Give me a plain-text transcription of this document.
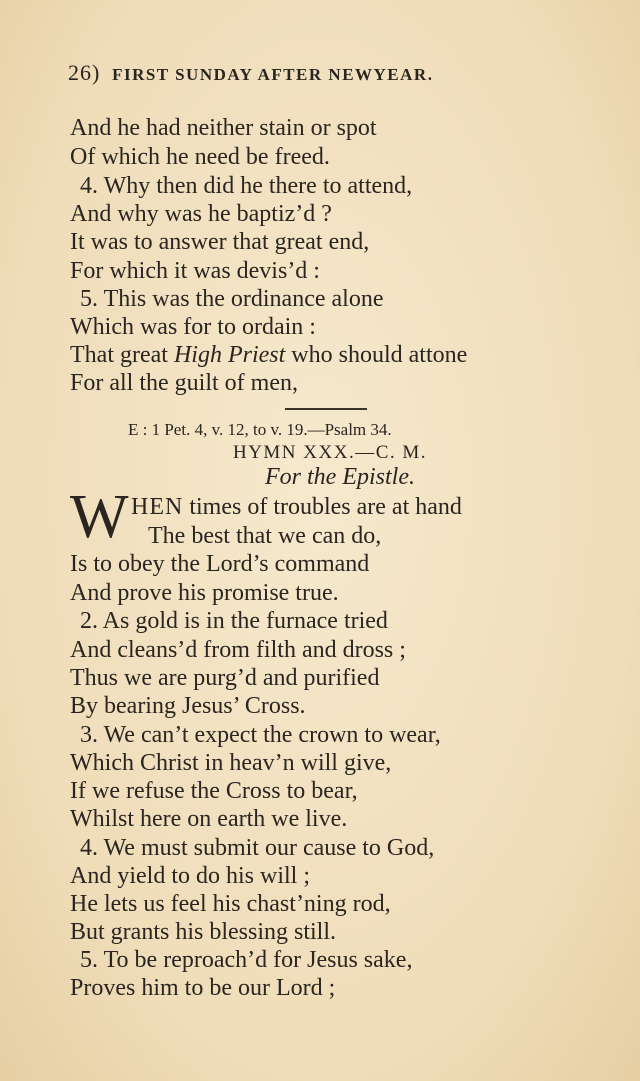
26) FIRST SUNDAY AFTER NEWYEAR.
And he had neither stain or spot
Of which he need be freed.
4. Why then did he there to attend,
And why was he baptiz’d ?
It was to answer that great end,
For which it was devis’d :
5. This was the ordinance alone
Which was for to ordain :
That great High Priest who should attone
For all the guilt of men,
E : 1 Pet. 4, v. 12, to v. 19.—Psalm 34.
HYMN XXX.—C. M.
For the Epistle.
W HEN times of troubles are at hand
The best that we can do,
Is to obey the Lord’s command
And prove his promise true.
2. As gold is in the furnace tried
And cleans’d from filth and dross ;
Thus we are purg’d and purified
By bearing Jesus’ Cross.
3. We can’t expect the crown to wear,
Which Christ in heav’n will give,
If we refuse the Cross to bear,
Whilst here on earth we live.
4. We must submit our cause to God,
And yield to do his will ;
He lets us feel his chast’ning rod,
But grants his blessing still.
5. To be reproach’d for Jesus sake,
Proves him to be our Lord ;
